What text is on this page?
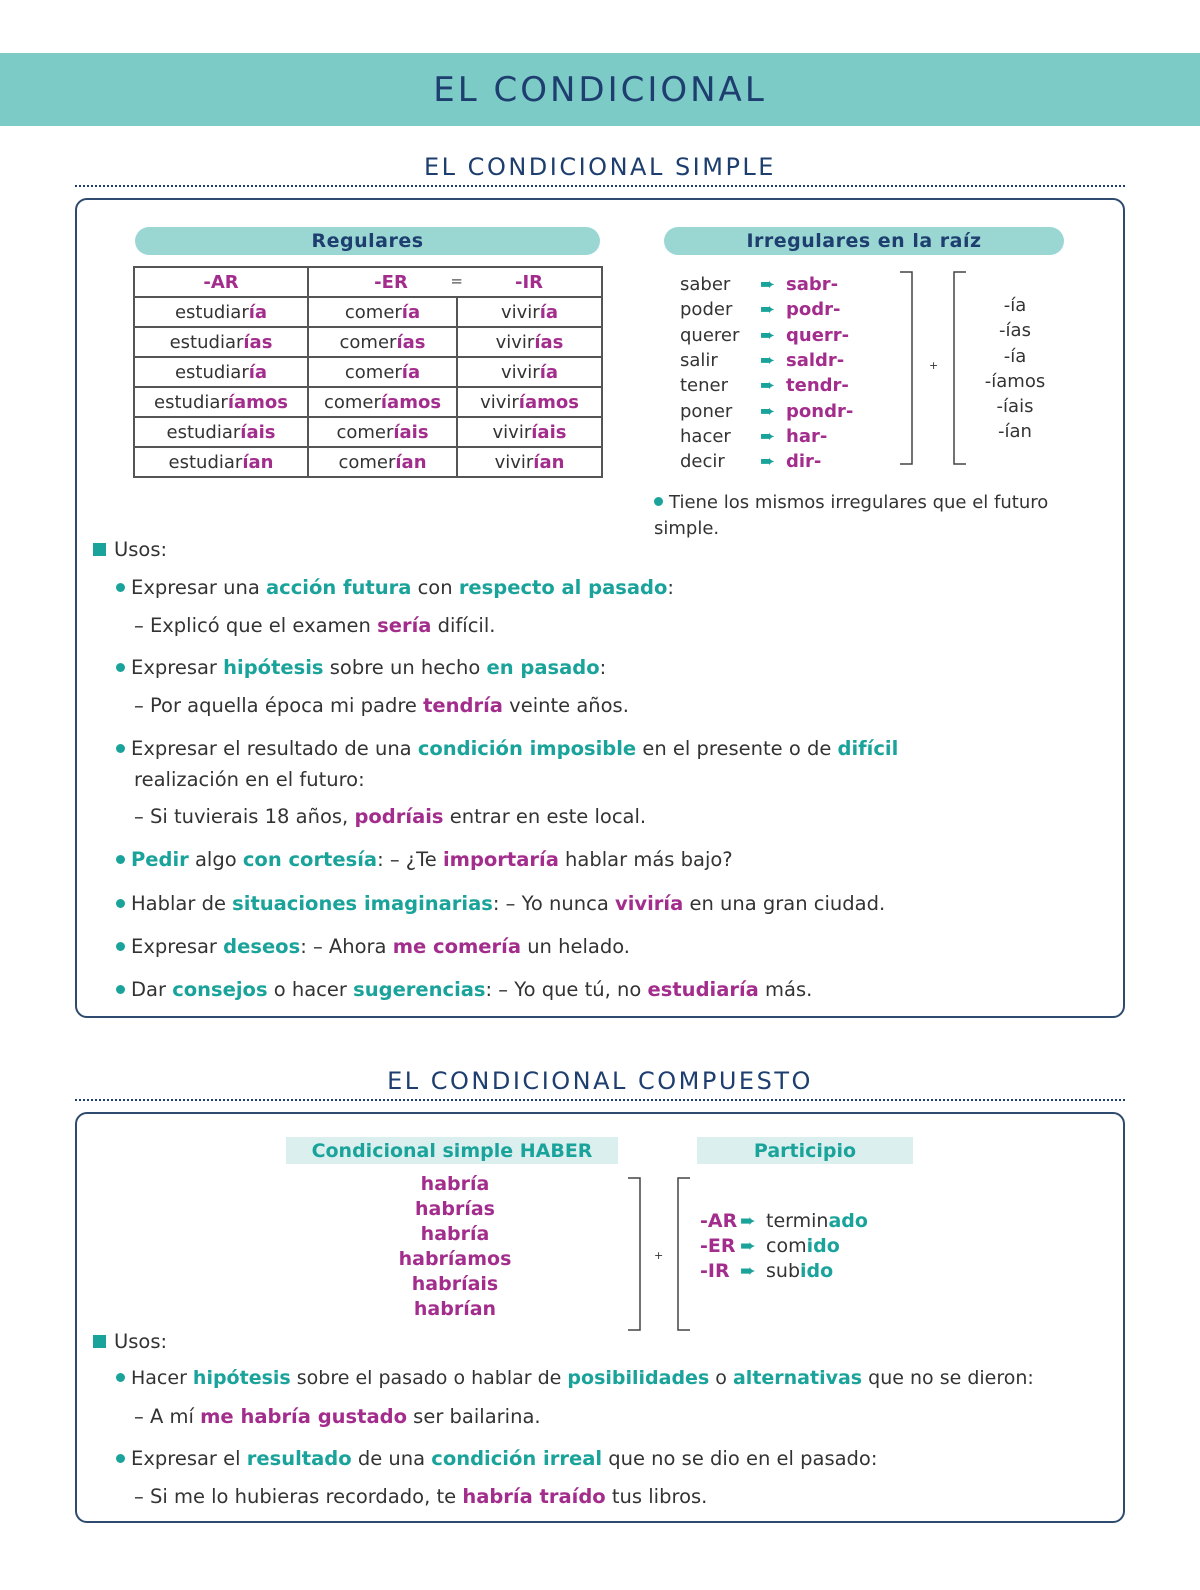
EL CONDICIONAL
EL CONDICIONAL SIMPLE
Regulares	Irregulares en la raíz
-AR	-ER =	-IR
estudiaría	comería	viviría
estudiarías	comerías	vivirías
estudiaría	comería	viviría
estudiaríamos	comeríamos	viviríamos
estudiaríais	comeríais	viviríais
estudiarían	comerían	vivirían
saber	➨ sabr-
poder	➨ podr-
querer	➨ querr-
salir	➨ saldr-
tener	➨ tendr-
poner	➨ pondr-
hacer	➨ har-
decir	➨ dir-
+
-ía
-ías
-ía
-íamos
-íais
-ían
Tiene los mismos irregulares que el futuro simple.
Usos:
Expresar una acción futura con respecto al pasado:
– Explicó que el examen sería difícil.
Expresar hipótesis sobre un hecho en pasado:
– Por aquella época mi padre tendría veinte años.
Expresar el resultado de una condición imposible en el presente o de difícil
realización en el futuro:
– Si tuvierais 18 años, podríais entrar en este local.
Pedir algo con cortesía: – ¿Te importaría hablar más bajo?
Hablar de situaciones imaginarias: – Yo nunca viviría en una gran ciudad.
Expresar deseos: – Ahora me comería un helado.
Dar consejos o hacer sugerencias: – Yo que tú, no estudiaría más.
EL CONDICIONAL COMPUESTO
Condicional simple HABER	Participio
habría
habrías
habría
habríamos
habríais
habrían
+
-AR ➨ terminado
-ER ➨ comido
-IR ➨ subido
Usos:
Hacer hipótesis sobre el pasado o hablar de posibilidades o alternativas que no se dieron:
– A mí me habría gustado ser bailarina.
Expresar el resultado de una condición irreal que no se dio en el pasado:
– Si me lo hubieras recordado, te habría traído tus libros.
